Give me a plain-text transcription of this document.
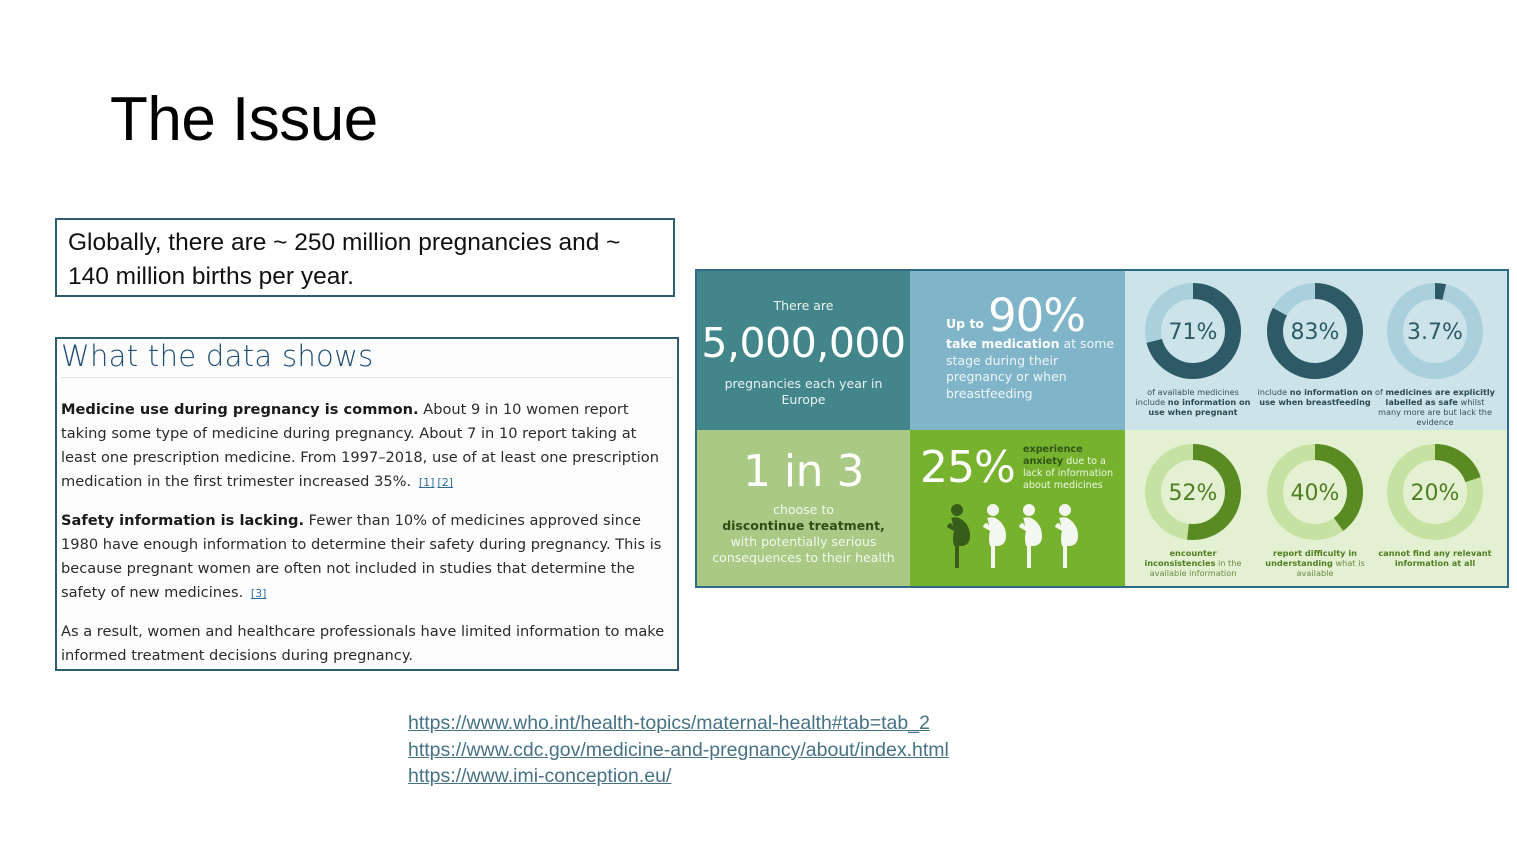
The Issue
Globally, there are ~ 250 million pregnancies and ~ 140 million births per year.
What the data shows
Medicine use during pregnancy is common. About 9 in 10 women report taking some type of medicine during pregnancy. About 7 in 10 report taking at least one prescription medicine. From 1997–2018, use of at least one prescription medication in the first trimester increased 35%. [1] [2]
Safety information is lacking. Fewer than 10% of medicines approved since 1980 have enough information to determine their safety during pregnancy. This is because pregnant women are often not included in studies that determine the safety of new medicines. [3]
As a result, women and healthcare professionals have limited information to make informed treatment decisions during pregnancy.
There are
5,000,000
pregnancies each year in Europe
Up to 90%
take medication at some stage during their pregnancy or when breastfeeding
71%
of available medicines include no information on use when pregnant
83%
include no information on use when breastfeeding
3.7%
of medicines are explicitly labelled as safe whilst many more are but lack the evidence
1 in 3
choose to
discontinue treatment,
with potentially serious consequences to their health
25% experience anxiety due to a lack of information about medicines	52%
encounter inconsistencies in the available information
40%
report difficulty in understanding what is available
20%
cannot find any relevant information at all
https://www.who.int/health-topics/maternal-health#tab=tab_2
https://www.cdc.gov/medicine-and-pregnancy/about/index.html
https://www.imi-conception.eu/
